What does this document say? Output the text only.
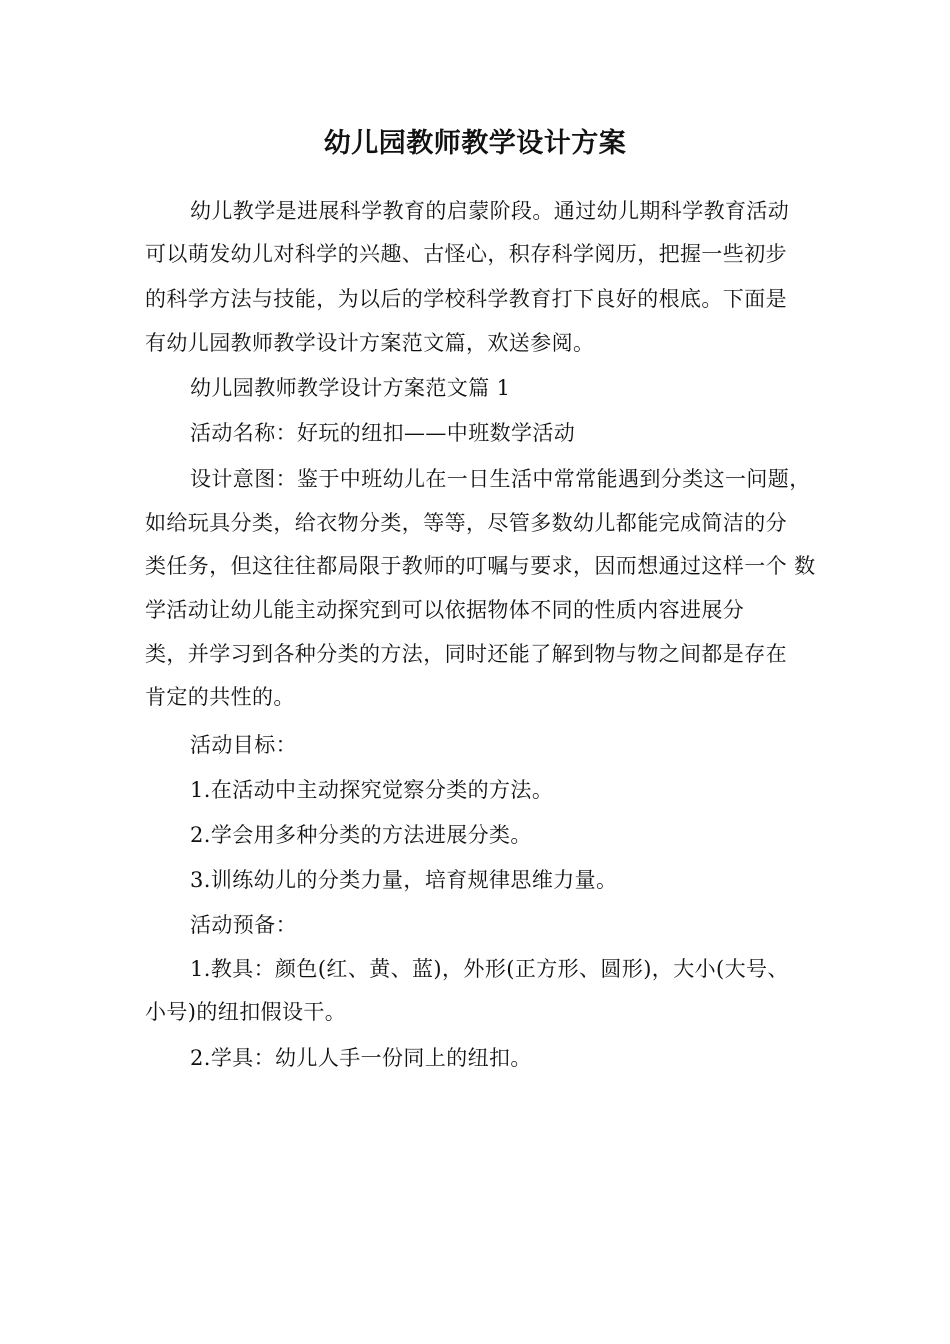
幼儿园教师教学设计方案
幼儿教学是进展科学教育的启蒙阶段。通过幼儿期科学教育活动
可以萌发幼儿对科学的兴趣、古怪心，积存科学阅历，把握一些初步
的科学方法与技能，为以后的学校科学教育打下良好的根底。下面是
有幼儿园教师教学设计方案范文篇，欢送参阅。
幼儿园教师教学设计方案范文篇 1
活动名称：好玩的纽扣——中班数学活动
设计意图：鉴于中班幼儿在一日生活中常常能遇到分类这一问题，
如给玩具分类，给衣物分类，等等，尽管多数幼儿都能完成简洁的分
类任务，但这往往都局限于教师的叮嘱与要求，因而想通过这样一个 数
学活动让幼儿能主动探究到可以依据物体不同的性质内容进展分
类，并学习到各种分类的方法，同时还能了解到物与物之间都是存在
肯定的共性的。
活动目标：
1.在活动中主动探究觉察分类的方法。
2.学会用多种分类的方法进展分类。
3.训练幼儿的分类力量，培育规律思维力量。
活动预备：
1.教具：颜色(红、黄、蓝)，外形(正方形、圆形)，大小(大号、
小号)的纽扣假设干。
2.学具：幼儿人手一份同上的纽扣。
